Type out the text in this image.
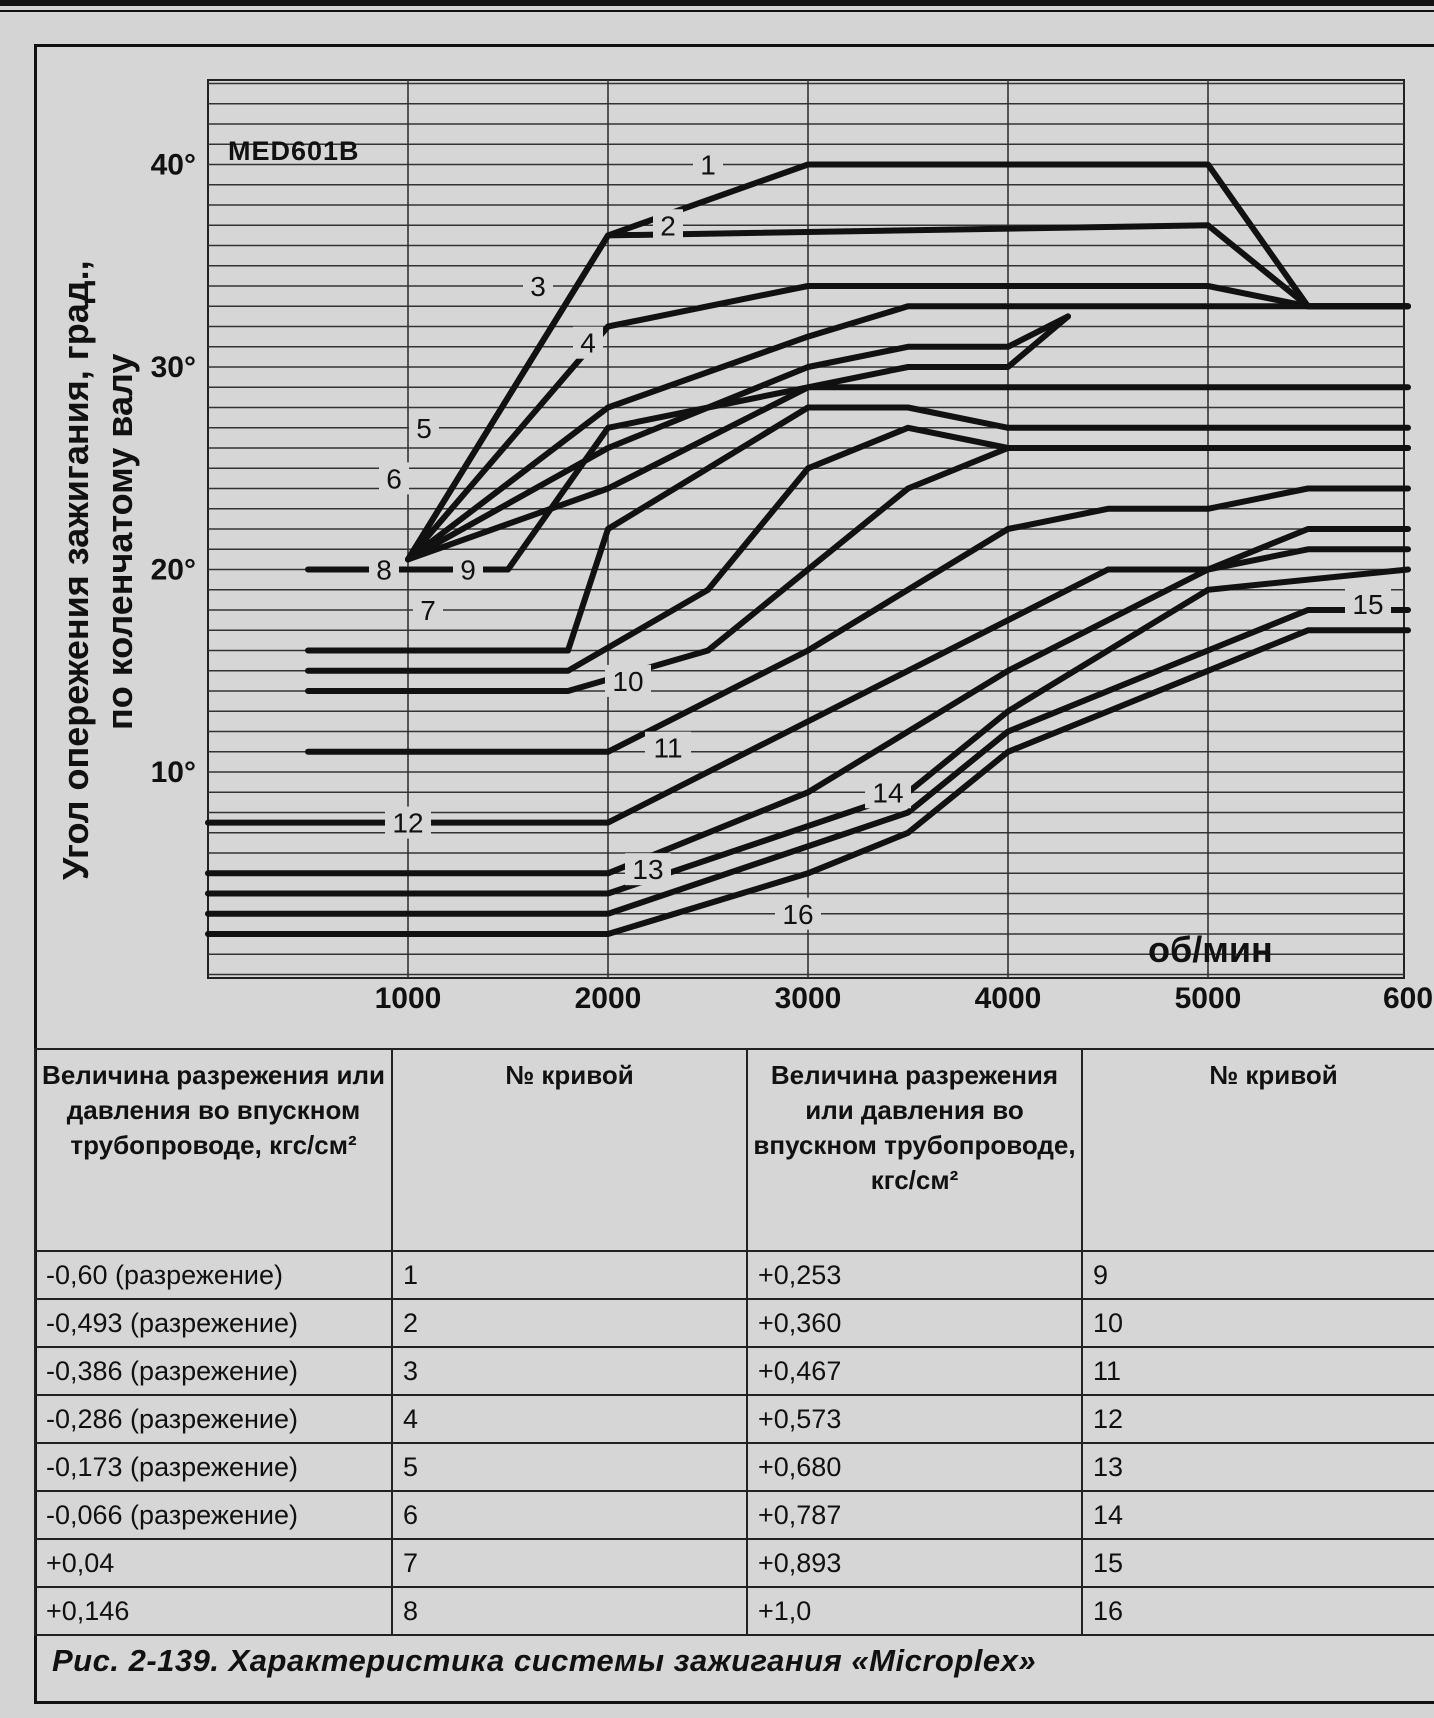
1
2
3
4
5
6
7
8 9
10
11
12
13
14
15
16
1000	2000	3000	4000	5000	600
10°
20°
30°
40° MED601B
об/мин
Угол опережения зажигания, град., по коленчатому валу
Величина разрежения или давления во впускном трубопроводе, кгс/см²	№ кривой	Величина разрежения или давления во впускном трубопроводе, кгс/см²	№ кривой

-0,60 (разрежение)	1	+0,253	9
-0,493 (разрежение)	2	+0,360	10
-0,386 (разрежение)	3	+0,467	11
-0,286 (разрежение)	4	+0,573	12
-0,173 (разрежение)	5	+0,680	13
-0,066 (разрежение)	6	+0,787	14
+0,04	7	+0,893	15
+0,146	8	+1,0	16
Рис. 2-139. Характеристика системы зажигания «Microplex»
